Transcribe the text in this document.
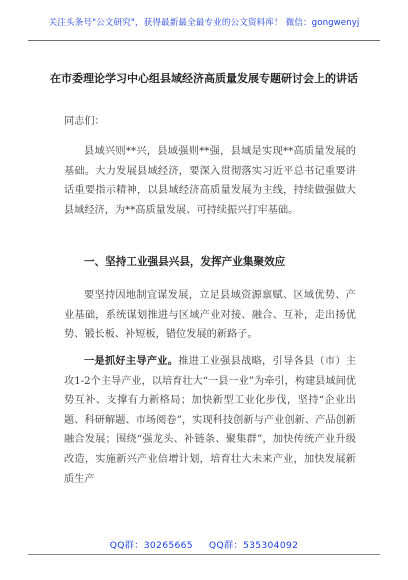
关注头条号"公文研究"，获得最新最全最专业的公文资料库！ 微信：gongwenyj
在市委理论学习中心组县域经济高质量发展专题研讨会上的讲话
同志们：
县域兴则**兴，县域强则**强，县域是实现**高质量发展的基础。大力发展县域经济，要深入贯彻落实习近平总书记重要讲话重要指示精神，以县域经济高质量发展为主线，持续做强做大县域经济，为**高质量发展、可持续振兴打牢基础。
一、坚持工业强县兴县，发挥产业集聚效应
要坚持因地制宜谋发展，立足县域资源禀赋、区域优势、产业基础，系统谋划推进与区域产业对接、融合、互补，走出扬优势、锻长板、补短板，错位发展的新路子。
一是抓好主导产业。推进工业强县战略，引导各县（市）主攻1-2个主导产业，以培育壮大“一县一业”为牵引，构建县域间优势互补、支撑有力新格局；加快新型工业化步伐，坚持“企业出题、科研解题、市场阅卷”，实现科技创新与产业创新、产品创新融合发展；围绕“强龙头、补链条、聚集群”，加快传统产业升级改造，实施新兴产业倍增计划，培育壮大未来产业，加快发展新质生产
QQ群：30265665 QQ群：535304092
